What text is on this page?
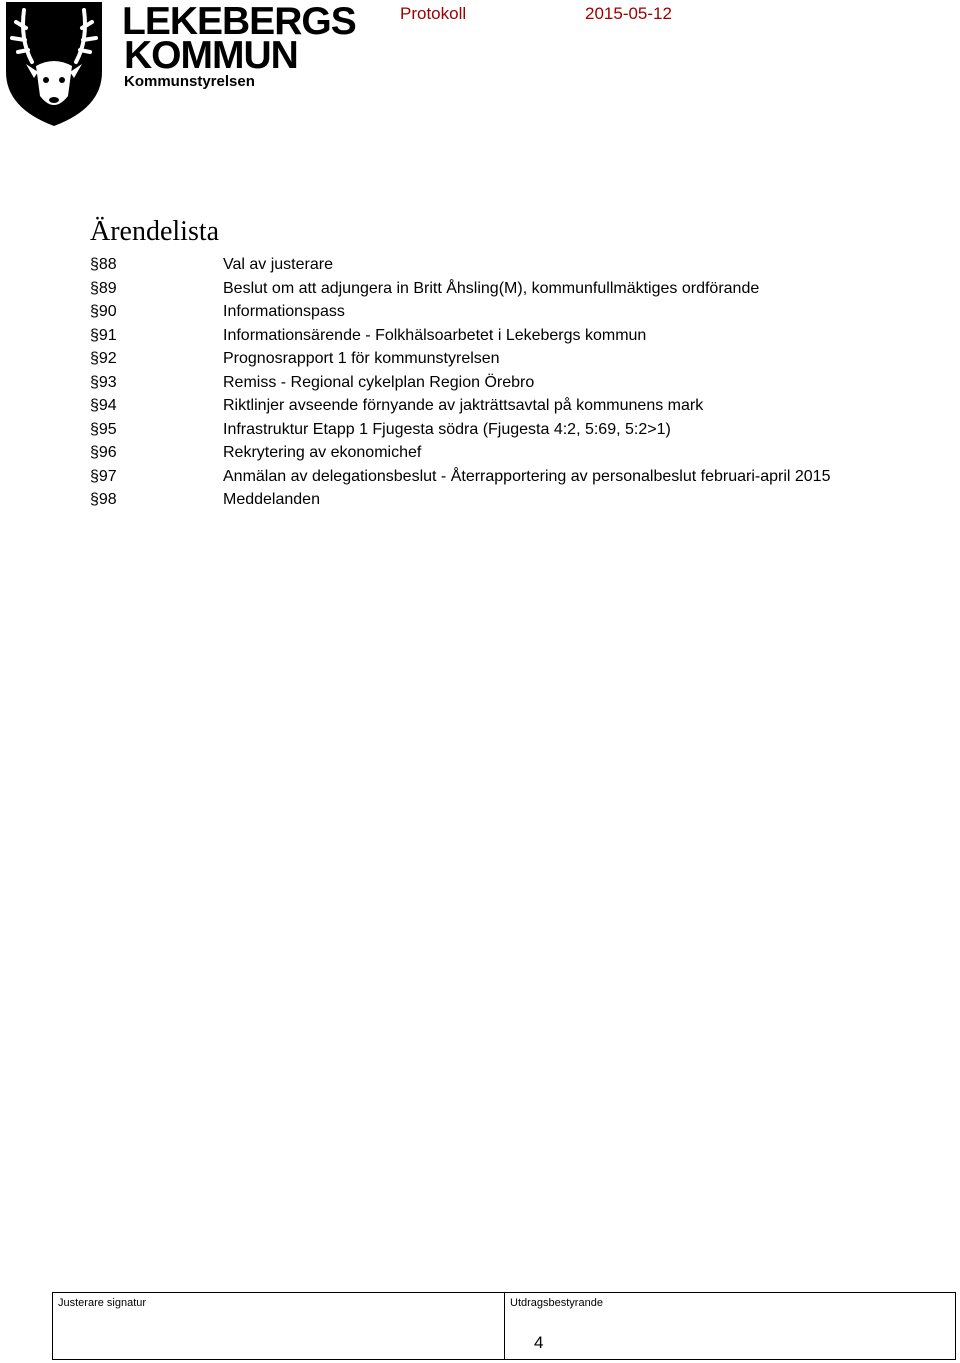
LEKEBERGS
KOMMUN
Kommunstyrelsen
Protokoll	2015-05-12
Ärendelista
§88	Val av justerare
§89	Beslut om att adjungera in Britt Åhsling(M), kommunfullmäktiges ordförande
§90	Informationspass
§91	Informationsärende - Folkhälsoarbetet i Lekebergs kommun
§92	Prognosrapport 1 för kommunstyrelsen
§93	Remiss - Regional cykelplan Region Örebro
§94	Riktlinjer avseende förnyande av jakträttsavtal på kommunens mark
§95	Infrastruktur Etapp 1 Fjugesta södra (Fjugesta 4:2, 5:69, 5:2>1)
§96	Rekrytering av ekonomichef
§97	Anmälan av delegationsbeslut - Återrapportering av personalbeslut februari-april 2015
§98	Meddelanden
Justerare signatur	Utdragsbestyrande
4
